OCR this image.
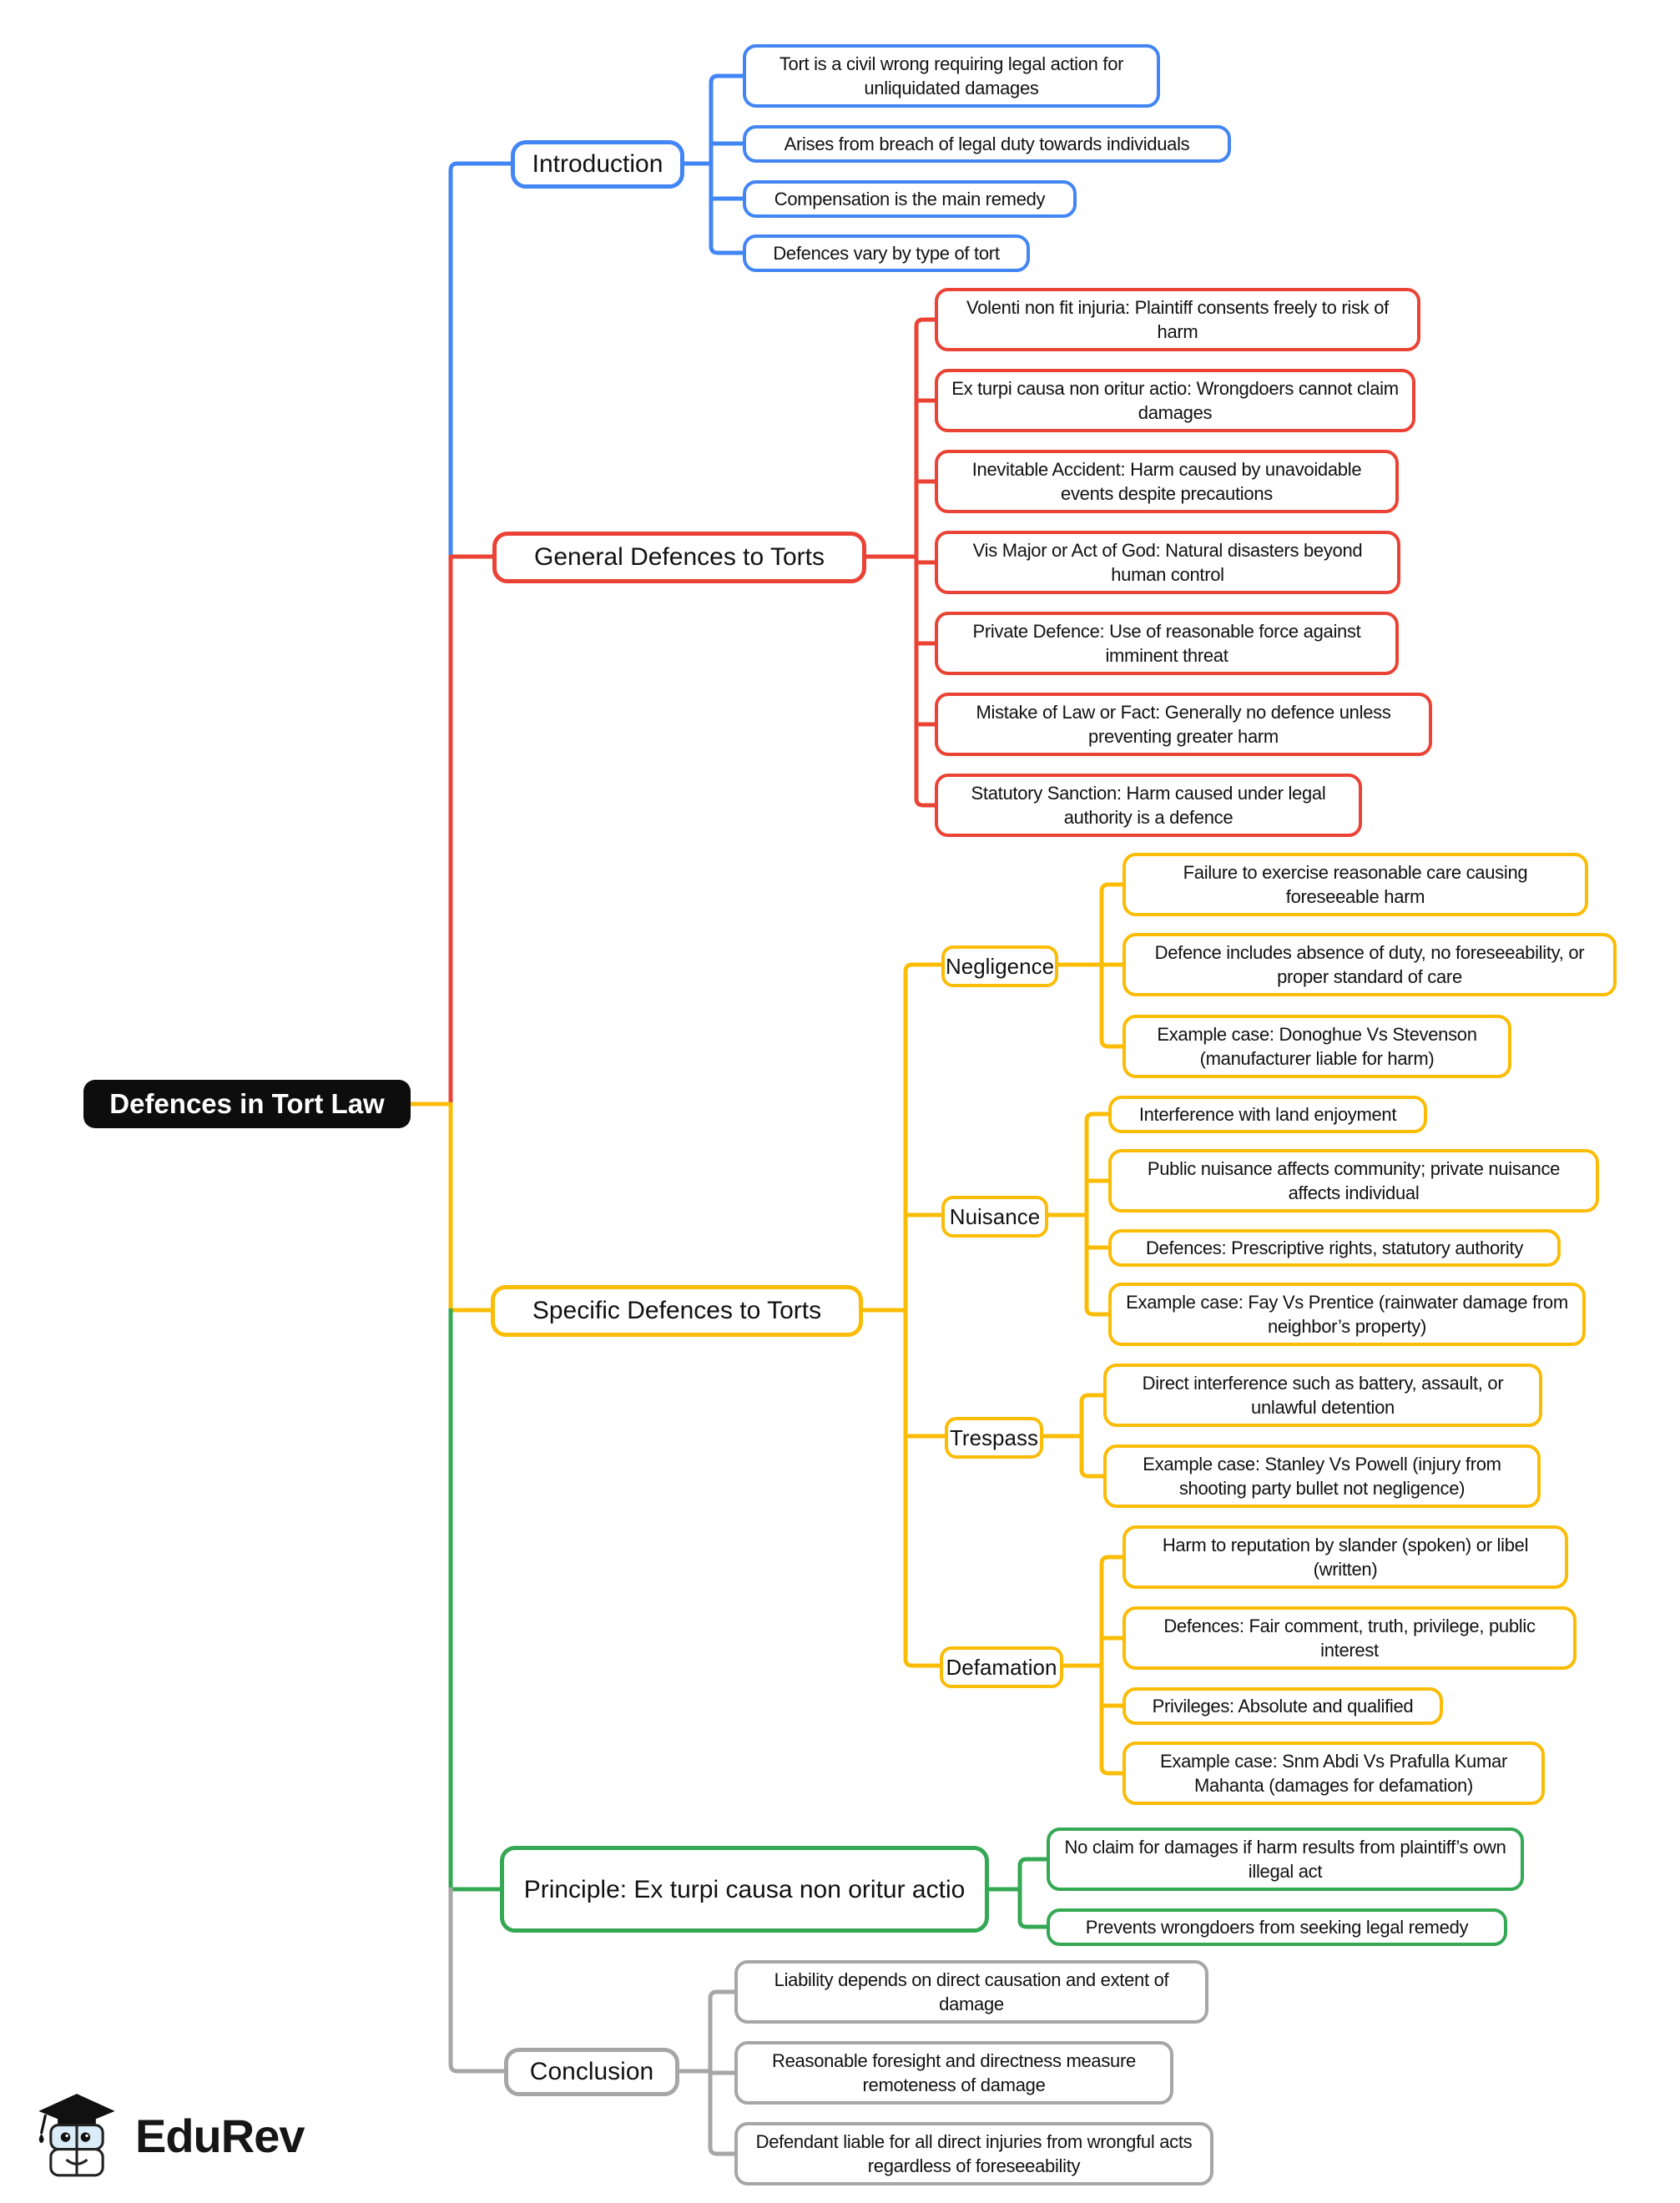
Defences in Tort Law
Introduction
General Defences to Torts
Specific Defences to Torts
Principle: Ex turpi causa non oritur actio
Conclusion
Tort is a civil wrong requiring legal action for unliquidated damages
Arises from breach of legal duty towards individuals
Compensation is the main remedy
Defences vary by type of tort
Volenti non fit injuria: Plaintiff consents freely to risk of harm
Ex turpi causa non oritur actio: Wrongdoers cannot claim damages
Inevitable Accident: Harm caused by unavoidable events despite precautions
Vis Major or Act of God: Natural disasters beyond human control
Private Defence: Use of reasonable force against imminent threat
Mistake of Law or Fact: Generally no defence unless preventing greater harm
Statutory Sanction: Harm caused under legal authority is a defence
Negligence
Nuisance
Trespass
Defamation
Failure to exercise reasonable care causing foreseeable harm
Defence includes absence of duty, no foreseeability, or proper standard of care
Example case: Donoghue Vs Stevenson (manufacturer liable for harm)
Interference with land enjoyment
Public nuisance affects community; private nuisance affects individual
Defences: Prescriptive rights, statutory authority
Example case: Fay Vs Prentice (rainwater damage from neighbor’s property)
Direct interference such as battery, assault, or unlawful detention
Example case: Stanley Vs Powell (injury from shooting party bullet not negligence)
Harm to reputation by slander (spoken) or libel (written)
Defences: Fair comment, truth, privilege, public interest
Privileges: Absolute and qualified
Example case: Snm Abdi Vs Prafulla Kumar Mahanta (damages for defamation)
No claim for damages if harm results from plaintiff’s own illegal act
Prevents wrongdoers from seeking legal remedy
Liability depends on direct causation and extent of damage
Reasonable foresight and directness measure remoteness of damage
Defendant liable for all direct injuries from wrongful acts regardless of foreseeability
EduRev
